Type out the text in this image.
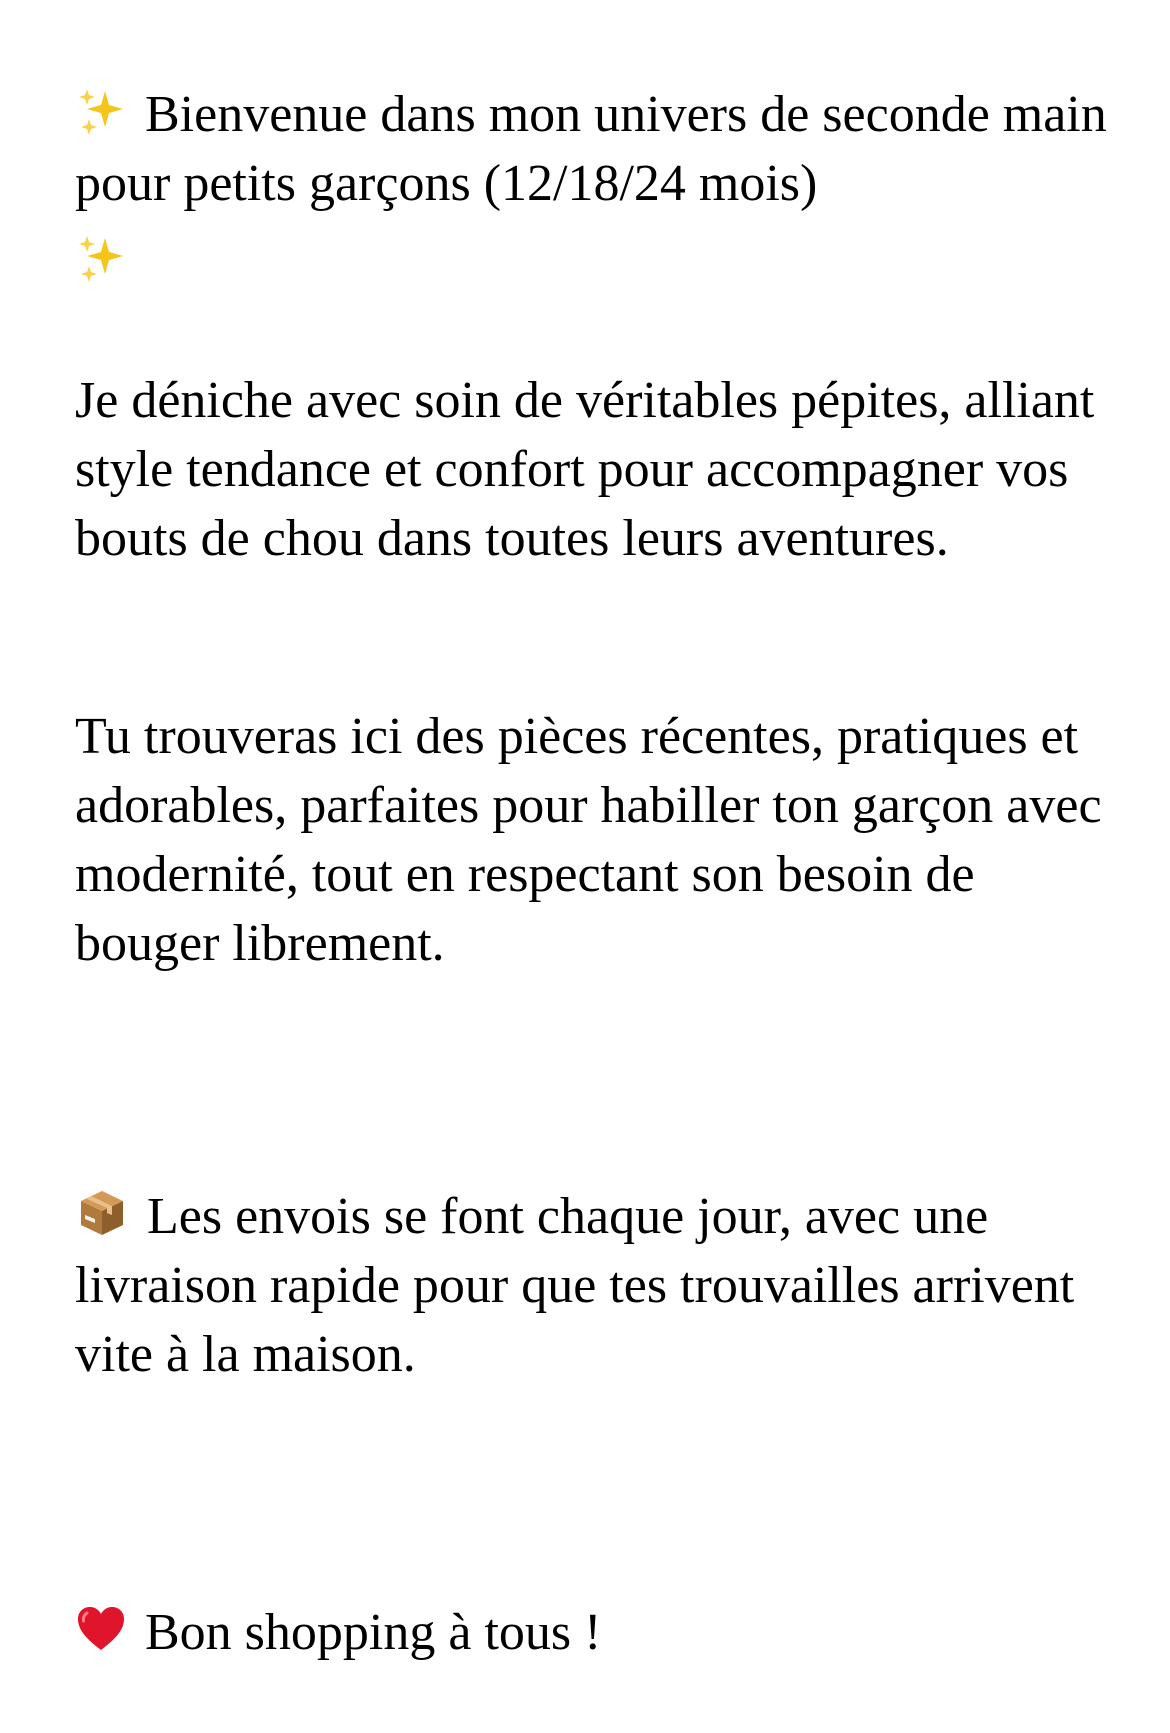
Bienvenue dans mon univers de seconde main pour petits garçons (12/18/24 mois)

Je déniche avec soin de véritables pépites, alliant style tendance et confort pour accompagner vos bouts de chou dans toutes leurs aventures.

Tu trouveras ici des pièces récentes, pratiques et adorables, parfaites pour habiller ton garçon avec modernité, tout en respectant son besoin de bouger librement.

Les envois se font chaque jour, avec une livraison rapide pour que tes trouvailles arrivent vite à la maison.

Bon shopping à tous !
